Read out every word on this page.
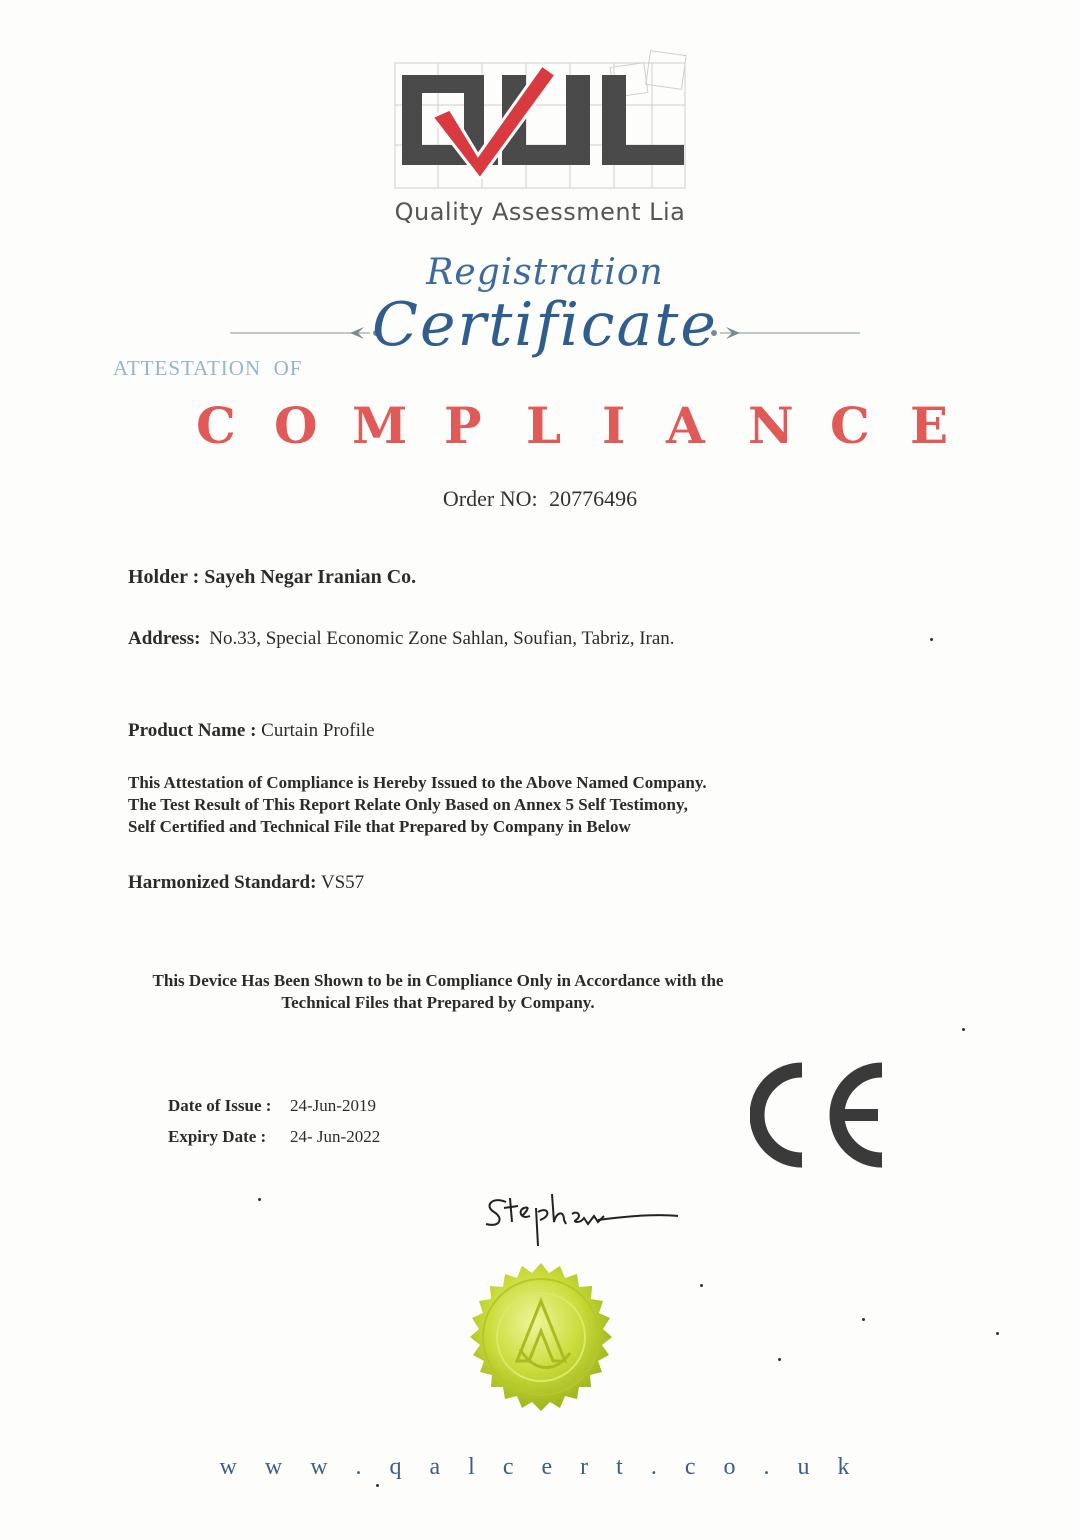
Quality Assessment Lia
Registration
Certificate
ATTESTATION  OF
C O M P L I A N C E
Order NO: 20776496
Holder : Sayeh Negar Iranian Co.
Address: No.33, Special Economic Zone Sahlan, Soufian, Tabriz, Iran.
Product Name : Curtain Profile
This Attestation of Compliance is Hereby Issued to the Above Named Company.
The Test Result of This Report Relate Only Based on Annex 5 Self Testimony,
Self Certified and Technical File that Prepared by Company in Below
Harmonized Standard: VS57
This Device Has Been Shown to be in Compliance Only in Accordance with the
Technical Files that Prepared by Company.
Date of Issue : 24-Jun-2019
Expiry Date : 24- Jun-2022
w w w . q a l c e r t . c o . u k
